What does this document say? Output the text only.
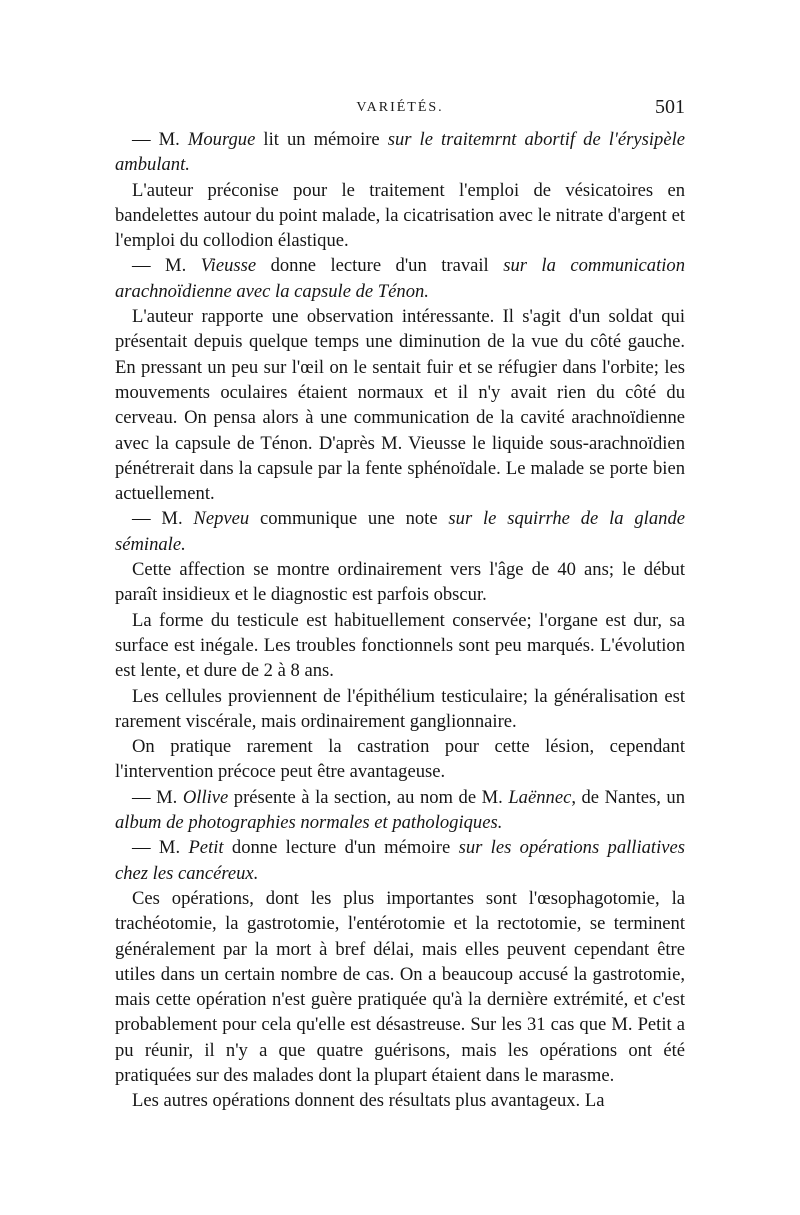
VARIÉTÉS.	501

— M. Mourgue lit un mémoire sur le traitemrnt abortif de l'érysipèle ambulant.

L'auteur préconise pour le traitement l'emploi de vésicatoires en bandelettes autour du point malade, la cicatrisation avec le nitrate d'argent et l'emploi du collodion élastique.

— M. Vieusse donne lecture d'un travail sur la communication arachnoïdienne avec la capsule de Ténon.

L'auteur rapporte une observation intéressante. Il s'agit d'un soldat qui présentait depuis quelque temps une diminution de la vue du côté gauche. En pressant un peu sur l'œil on le sentait fuir et se réfugier dans l'orbite; les mouvements oculaires étaient normaux et il n'y avait rien du côté du cerveau. On pensa alors à une communication de la cavité arachnoïdienne avec la capsule de Ténon. D'après M. Vieusse le liquide sous-arachnoïdien pénétrerait dans la capsule par la fente sphénoïdale. Le malade se porte bien actuellement.

— M. Nepveu communique une note sur le squirrhe de la glande séminale.

Cette affection se montre ordinairement vers l'âge de 40 ans; le début paraît insidieux et le diagnostic est parfois obscur.

La forme du testicule est habituellement conservée; l'organe est dur, sa surface est inégale. Les troubles fonctionnels sont peu marqués. L'évolution est lente, et dure de 2 à 8 ans.

Les cellules proviennent de l'épithélium testiculaire; la généralisation est rarement viscérale, mais ordinairement ganglionnaire.

On pratique rarement la castration pour cette lésion, cependant l'intervention précoce peut être avantageuse.

— M. Ollive présente à la section, au nom de M. Laënnec, de Nantes, un album de photographies normales et pathologiques.

— M. Petit donne lecture d'un mémoire sur les opérations palliatives chez les cancéreux.

Ces opérations, dont les plus importantes sont l'œsophagotomie, la trachéotomie, la gastrotomie, l'entérotomie et la rectotomie, se terminent généralement par la mort à bref délai, mais elles peuvent cependant être utiles dans un certain nombre de cas. On a beaucoup accusé la gastrotomie, mais cette opération n'est guère pratiquée qu'à la dernière extrémité, et c'est probablement pour cela qu'elle est désastreuse. Sur les 31 cas que M. Petit a pu réunir, il n'y a que quatre guérisons, mais les opérations ont été pratiquées sur des malades dont la plupart étaient dans le marasme.

Les autres opérations donnent des résultats plus avantageux. La
